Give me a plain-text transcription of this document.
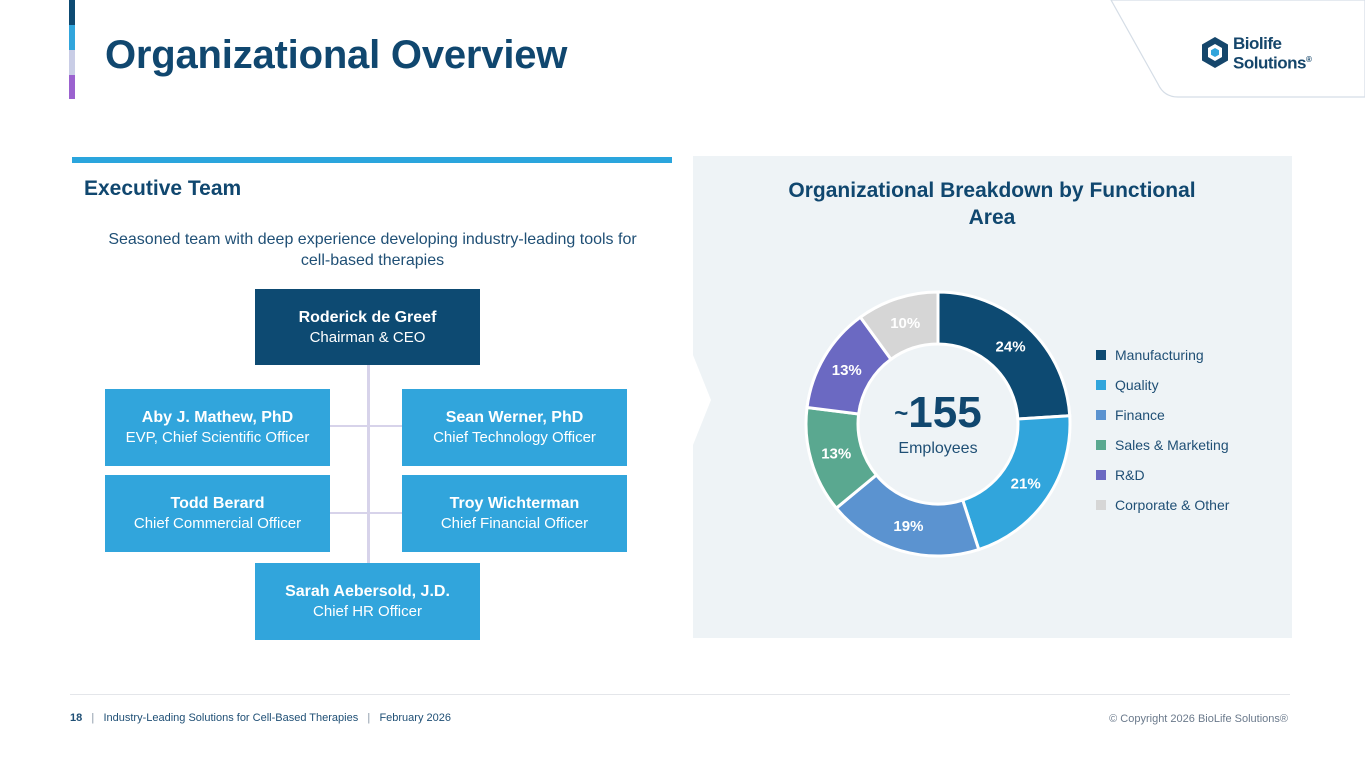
Organizational Overview	Biolife
Solutions®
Executive Team
Seasoned team with deep experience developing industry-leading tools for cell-based therapies
Roderick de Greef
Chairman & CEO
Aby J. Mathew, PhD
EVP, Chief Scientific Officer
Sean Werner, PhD
Chief Technology Officer
Todd Berard
Chief Commercial Officer
Troy Wichterman
Chief Financial Officer
Sarah Aebersold, J.D.
Chief HR Officer
Organizational Breakdown by Functional Area
24%
21%
19%
13%
13%
10%
~155
Employees
Manufacturing
Quality
Finance
Sales & Marketing
R&D
Corporate & Other
18 | Industry-Leading Solutions for Cell-Based Therapies | February 2026	© Copyright 2026 BioLife Solutions®
